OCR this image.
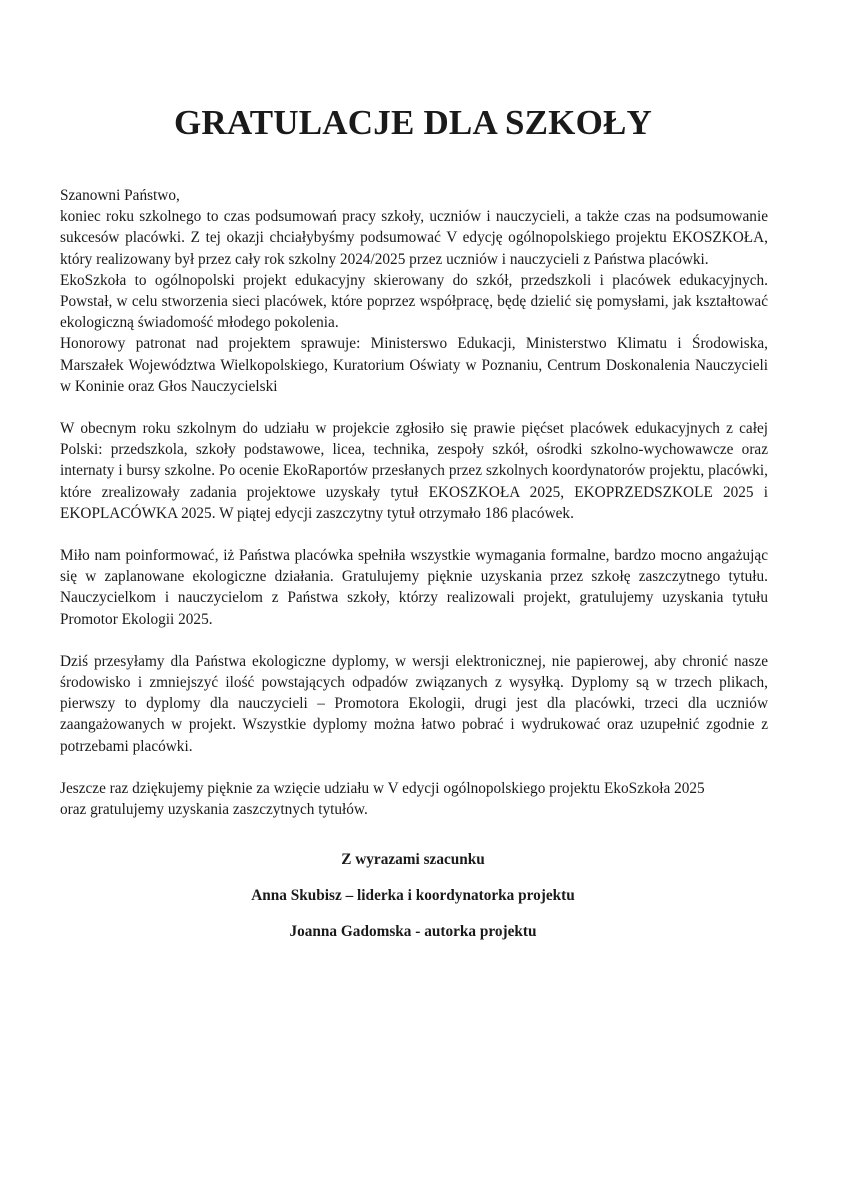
GRATULACJE DLA SZKOŁY

Szanowni Państwo,

koniec roku szkolnego to czas podsumowań pracy szkoły, uczniów i nauczycieli, a także czas na podsumowanie sukcesów placówki. Z tej okazji chciałybyśmy podsumować V edycję ogólnopolskiego projektu EKOSZKOŁA, który realizowany był przez cały rok szkolny 2024/2025 przez uczniów i nauczycieli z Państwa placówki.

EkoSzkoła to ogólnopolski projekt edukacyjny skierowany do szkół, przedszkoli i placówek edukacyjnych. Powstał, w celu stworzenia sieci placówek, które poprzez współpracę, będę dzielić się pomysłami, jak kształtować ekologiczną świadomość młodego pokolenia.

Honorowy patronat nad projektem sprawuje: Ministerswo Edukacji, Ministerstwo Klimatu i Środowiska, Marszałek Województwa Wielkopolskiego, Kuratorium Oświaty w Poznaniu, Centrum Doskonalenia Nauczycieli w Koninie oraz Głos Nauczycielski

W obecnym roku szkolnym do udziału w projekcie zgłosiło się prawie pięćset placówek edukacyjnych z całej Polski: przedszkola, szkoły podstawowe, licea, technika, zespoły szkół, ośrodki szkolno-wychowawcze oraz internaty i bursy szkolne. Po ocenie EkoRaportów przesłanych przez szkolnych koordynatorów projektu, placówki, które zrealizowały zadania projektowe uzyskały tytuł EKOSZKOŁA 2025, EKOPRZEDSZKOLE 2025 i EKOPLACÓWKA 2025. W piątej edycji zaszczytny tytuł otrzymało 186 placówek.

Miło nam poinformować, iż Państwa placówka spełniła wszystkie wymagania formalne, bardzo mocno angażując się w zaplanowane ekologiczne działania. Gratulujemy pięknie uzyskania przez szkołę zaszczytnego tytułu. Nauczycielkom i nauczycielom z Państwa szkoły, którzy realizowali projekt, gratulujemy uzyskania tytułu Promotor Ekologii 2025.

Dziś przesyłamy dla Państwa ekologiczne dyplomy, w wersji elektronicznej, nie papierowej, aby chronić nasze środowisko i zmniejszyć ilość powstających odpadów związanych z wysyłką. Dyplomy są w trzech plikach, pierwszy to dyplomy dla nauczycieli – Promotora Ekologii, drugi jest dla placówki, trzeci dla uczniów zaangażowanych w projekt. Wszystkie dyplomy można łatwo pobrać i wydrukować oraz uzupełnić zgodnie z potrzebami placówki.

Jeszcze raz dziękujemy pięknie za wzięcie udziału w V edycji ogólnopolskiego projektu EkoSzkoła 2025

oraz gratulujemy uzyskania zaszczytnych tytułów.

Z wyrazami szacunku

Anna Skubisz – liderka i koordynatorka projektu

Joanna Gadomska - autorka projektu
